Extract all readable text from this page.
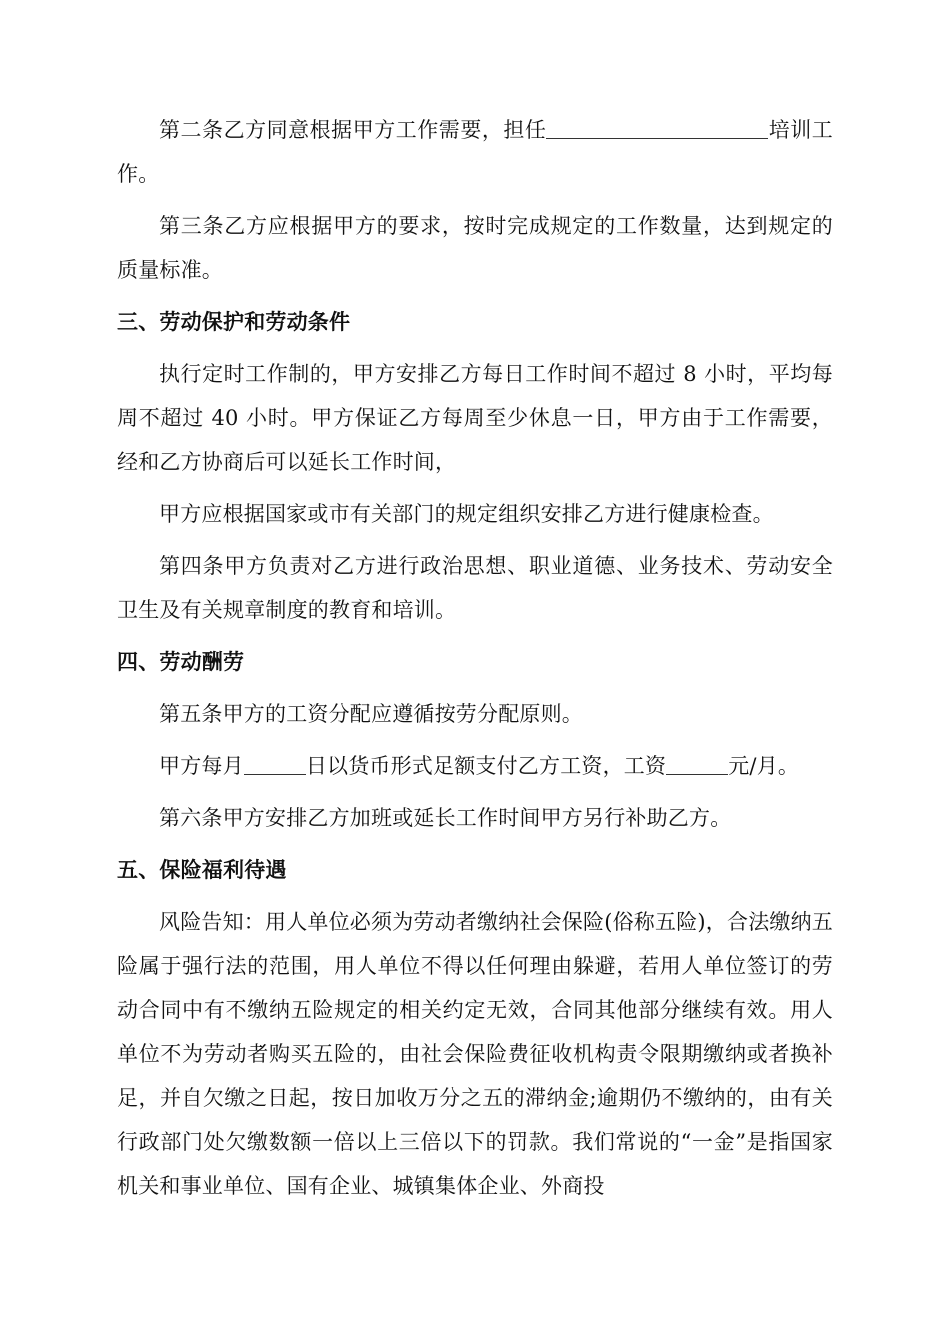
第二条乙方同意根据甲方工作需要，担任	培训工作。

第三条乙方应根据甲方的要求，按时完成规定的工作数量，达到规定的质量标准。

三、劳动保护和劳动条件

执行定时工作制的，甲方安排乙方每日工作时间不超过 8 小时，平均每周不超过 40 小时。甲方保证乙方每周至少休息一日，甲方由于工作需要，经和乙方协商后可以延长工作时间，

甲方应根据国家或市有关部门的规定组织安排乙方进行健康检查。

第四条甲方负责对乙方进行政治思想、职业道德、业务技术、劳动安全卫生及有关规章制度的教育和培训。

四、劳动酬劳

第五条甲方的工资分配应遵循按劳分配原则。

甲方每月	日以货币形式足额支付乙方工资，工资	元/月。

第六条甲方安排乙方加班或延长工作时间甲方另行补助乙方。

五、保险福利待遇

风险告知：用人单位必须为劳动者缴纳社会保险(俗称五险)，合法缴纳五险属于强行法的范围，用人单位不得以任何理由躲避，若用人单位签订的劳动合同中有不缴纳五险规定的相关约定无效，合同其他部分继续有效。用人单位不为劳动者购买五险的，由社会保险费征收机构责令限期缴纳或者换补足，并自欠缴之日起，按日加收万分之五的滞纳金;逾期仍不缴纳的，由有关行政部门处欠缴数额一倍以上三倍以下的罚款。我们常说的“一金”是指国家机关和事业单位、国有企业、城镇集体企业、外商投
